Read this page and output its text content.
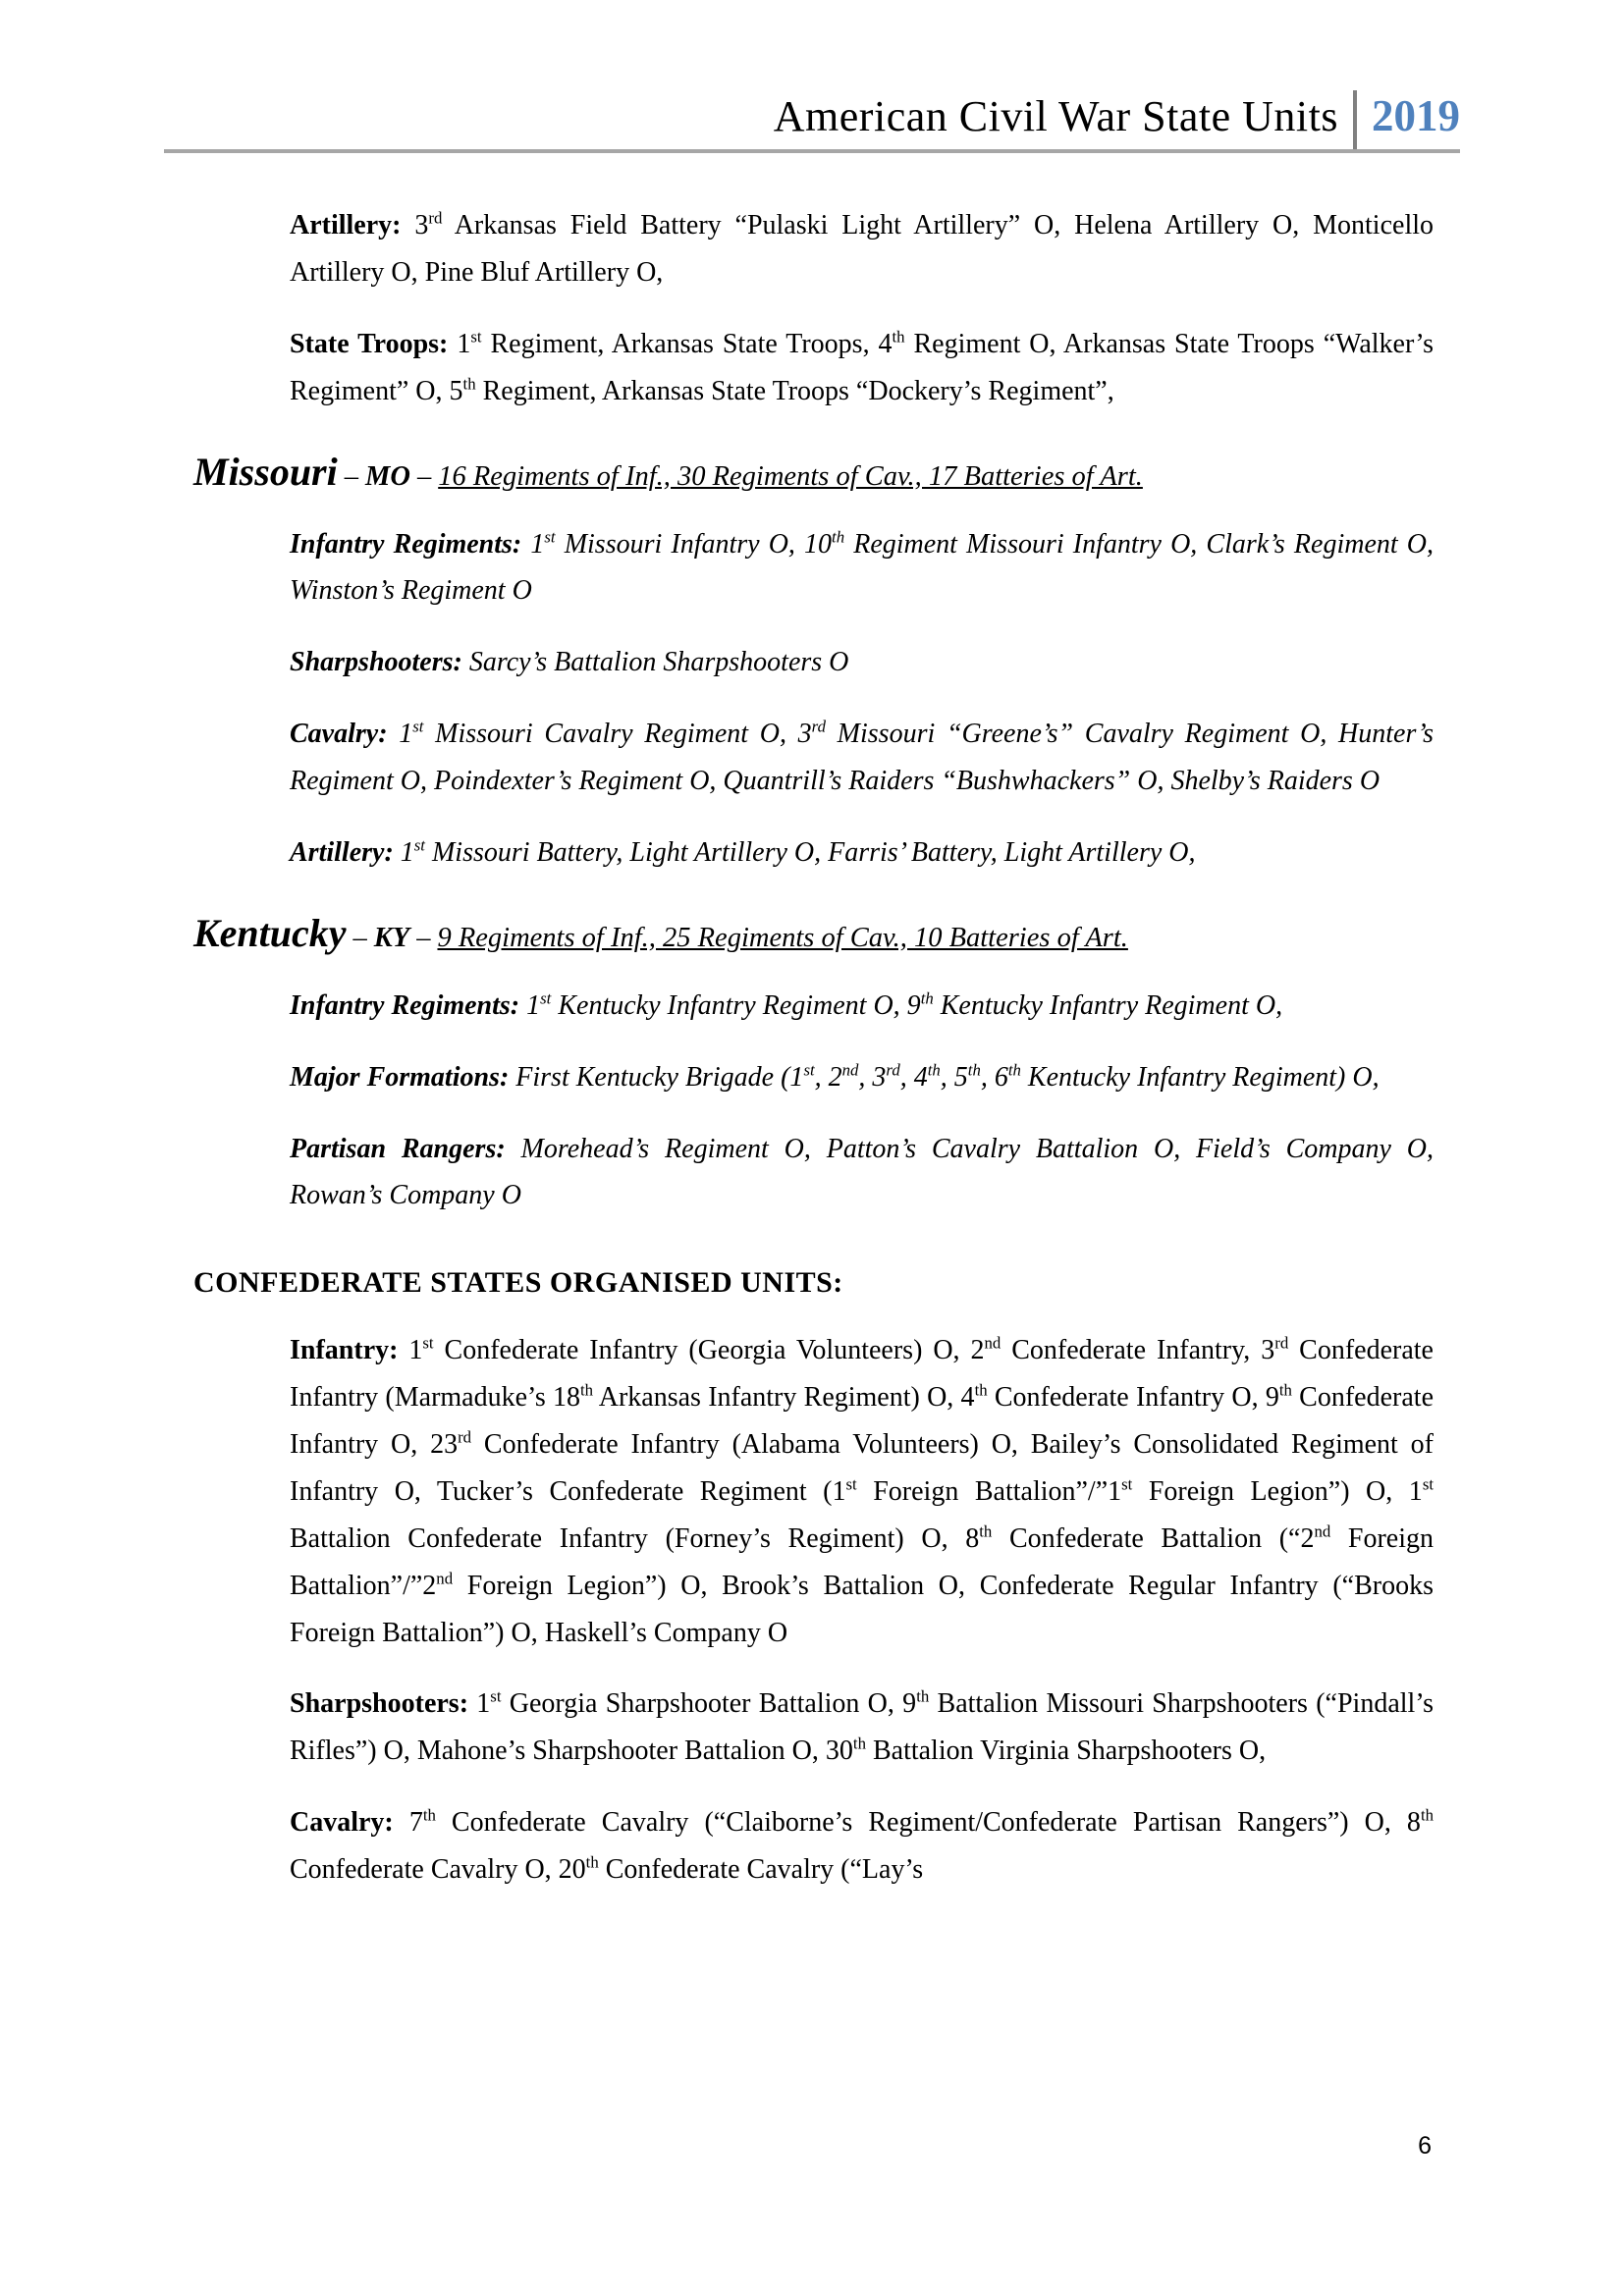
American Civil War State Units 2019

Artillery: 3rd Arkansas Field Battery “Pulaski Light Artillery” O, Helena Artillery O, Monticello Artillery O, Pine Bluf Artillery O,

State Troops: 1st Regiment, Arkansas State Troops, 4th Regiment O, Arkansas State Troops “Walker’s Regiment” O, 5th Regiment, Arkansas State Troops “Dockery’s Regiment”,

Missouri – MO – 16 Regiments of Inf., 30 Regiments of Cav., 17 Batteries of Art.

Infantry Regiments: 1st Missouri Infantry O, 10th Regiment Missouri Infantry O, Clark’s Regiment O, Winston’s Regiment O

Sharpshooters: Sarcy’s Battalion Sharpshooters O

Cavalry: 1st Missouri Cavalry Regiment O, 3rd Missouri “Greene’s” Cavalry Regiment O, Hunter’s Regiment O, Poindexter’s Regiment O, Quantrill’s Raiders “Bushwhackers” O, Shelby’s Raiders O

Artillery: 1st Missouri Battery, Light Artillery O, Farris’ Battery, Light Artillery O,

Kentucky – KY – 9 Regiments of Inf., 25 Regiments of Cav., 10 Batteries of Art.

Infantry Regiments: 1st Kentucky Infantry Regiment O, 9th Kentucky Infantry Regiment O,

Major Formations: First Kentucky Brigade (1st, 2nd, 3rd, 4th, 5th, 6th Kentucky Infantry Regiment) O,

Partisan Rangers: Morehead’s Regiment O, Patton’s Cavalry Battalion O, Field’s Company O, Rowan’s Company O

CONFEDERATE STATES ORGANISED UNITS:

Infantry: 1st Confederate Infantry (Georgia Volunteers) O, 2nd Confederate Infantry, 3rd Confederate Infantry (Marmaduke’s 18th Arkansas Infantry Regiment) O, 4th Confederate Infantry O, 9th Confederate Infantry O, 23rd Confederate Infantry (Alabama Volunteers) O, Bailey’s Consolidated Regiment of Infantry O, Tucker’s Confederate Regiment (1st Foreign Battalion”/”1st Foreign Legion”) O, 1st Battalion Confederate Infantry (Forney’s Regiment) O, 8th Confederate Battalion (“2nd Foreign Battalion”/”2nd Foreign Legion”) O, Brook’s Battalion O, Confederate Regular Infantry (“Brooks Foreign Battalion”) O, Haskell’s Company O

Sharpshooters: 1st Georgia Sharpshooter Battalion O, 9th Battalion Missouri Sharpshooters (“Pindall’s Rifles”) O, Mahone’s Sharpshooter Battalion O, 30th Battalion Virginia Sharpshooters O,

Cavalry: 7th Confederate Cavalry (“Claiborne’s Regiment/Confederate Partisan Rangers”) O, 8th Confederate Cavalry O, 20th Confederate Cavalry (“Lay’s

6
